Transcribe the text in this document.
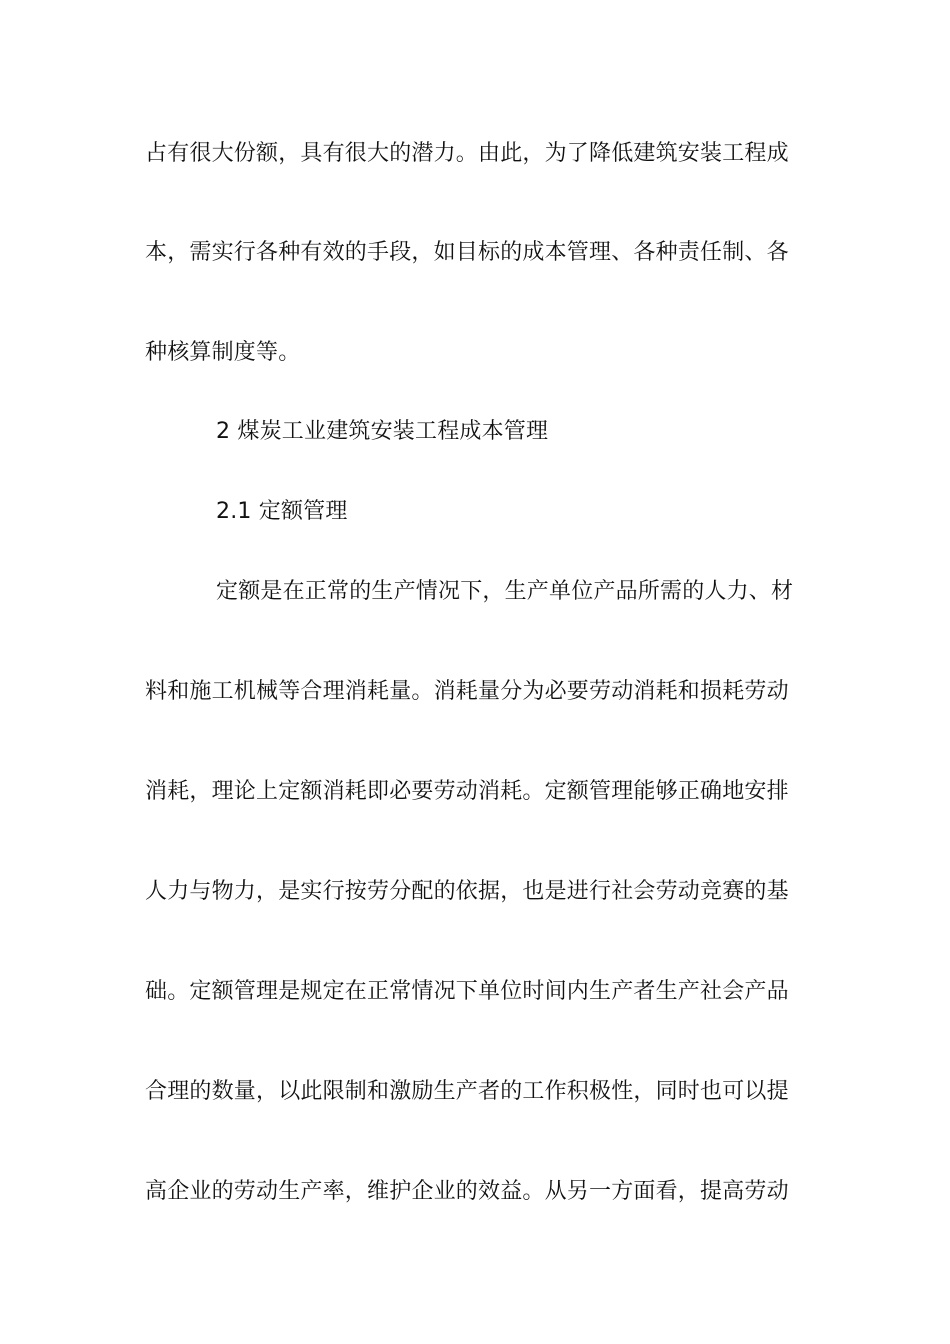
占有很大份额，具有很大的潜力。由此，为了降低建筑安装工程成
本，需实行各种有效的手段，如目标的成本管理、各种责任制、各
种核算制度等。
2 煤炭工业建筑安装工程成本管理
2.1 定额管理
定额是在正常的生产情况下，生产单位产品所需的人力、材
料和施工机械等合理消耗量。消耗量分为必要劳动消耗和损耗劳动
消耗，理论上定额消耗即必要劳动消耗。定额管理能够正确地安排
人力与物力，是实行按劳分配的依据，也是进行社会劳动竞赛的基
础。定额管理是规定在正常情况下单位时间内生产者生产社会产品
合理的数量，以此限制和激励生产者的工作积极性，同时也可以提
高企业的劳动生产率，维护企业的效益。从另一方面看，提高劳动
